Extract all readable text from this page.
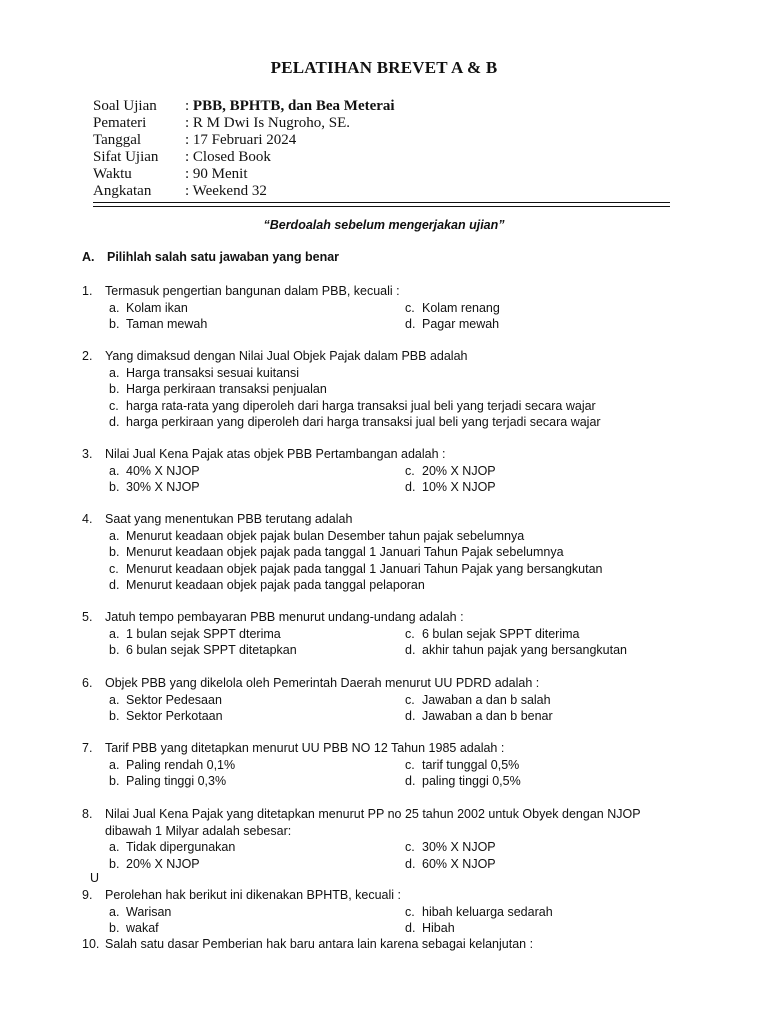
PELATIHAN BREVET A & B
Soal Ujian	: PBB, BPHTB, dan Bea Meterai
Pemateri	: R M Dwi Is Nugroho, SE.
Tanggal	: 17 Februari 2024
Sifat Ujian	: Closed Book
Waktu	: 90 Menit
Angkatan	: Weekend 32
“Berdoalah sebelum mengerjakan ujian”
A. Pilihlah salah satu jawaban yang benar
1. Termasuk pengertian bangunan dalam PBB, kecuali :
a. Kolam ikan	c. Kolam renang
b. Taman mewah	d. Pagar mewah
2. Yang dimaksud dengan Nilai Jual Objek Pajak dalam PBB adalah
a. Harga transaksi sesuai kuitansi
b. Harga perkiraan transaksi penjualan
c. harga rata-rata yang diperoleh dari harga transaksi jual beli yang terjadi secara wajar
d. harga perkiraan yang diperoleh dari harga transaksi jual beli yang terjadi secara wajar
3. Nilai Jual Kena Pajak atas objek PBB Pertambangan adalah :
a. 40% X NJOP	c. 20% X NJOP
b. 30% X NJOP	d. 10% X NJOP
4. Saat yang menentukan PBB terutang adalah
a. Menurut keadaan objek pajak bulan Desember tahun pajak sebelumnya
b. Menurut keadaan objek pajak pada tanggal 1 Januari Tahun Pajak sebelumnya
c. Menurut keadaan objek pajak pada tanggal 1 Januari Tahun Pajak yang bersangkutan
d. Menurut keadaan objek pajak pada tanggal pelaporan
5. Jatuh tempo pembayaran PBB menurut undang-undang adalah :
a. 1 bulan sejak SPPT dterima	c. 6 bulan sejak SPPT diterima
b. 6 bulan sejak SPPT ditetapkan	d. akhir tahun pajak yang bersangkutan
6. Objek PBB yang dikelola oleh Pemerintah Daerah menurut UU PDRD adalah :
a. Sektor Pedesaan	c. Jawaban a dan b salah
b. Sektor Perkotaan	d. Jawaban a dan b benar
7. Tarif PBB yang ditetapkan menurut UU PBB NO 12 Tahun 1985 adalah :
a. Paling rendah 0,1%	c. tarif tunggal 0,5%
b. Paling tinggi 0,3%	d. paling tinggi 0,5%
8. Nilai Jual Kena Pajak yang ditetapkan menurut PP no 25 tahun 2002 untuk Obyek dengan NJOP
dibawah 1 Milyar adalah sebesar:
a. Tidak dipergunakan	c. 30% X NJOP
b. 20% X NJOP	d. 60% X NJOP
9. Perolehan hak berikut ini dikenakan BPHTB, kecuali :
a. Warisan	c. hibah keluarga sedarah
b. wakaf	d. Hibah
10. Salah satu dasar Pemberian hak baru antara lain karena sebagai kelanjutan :
U
